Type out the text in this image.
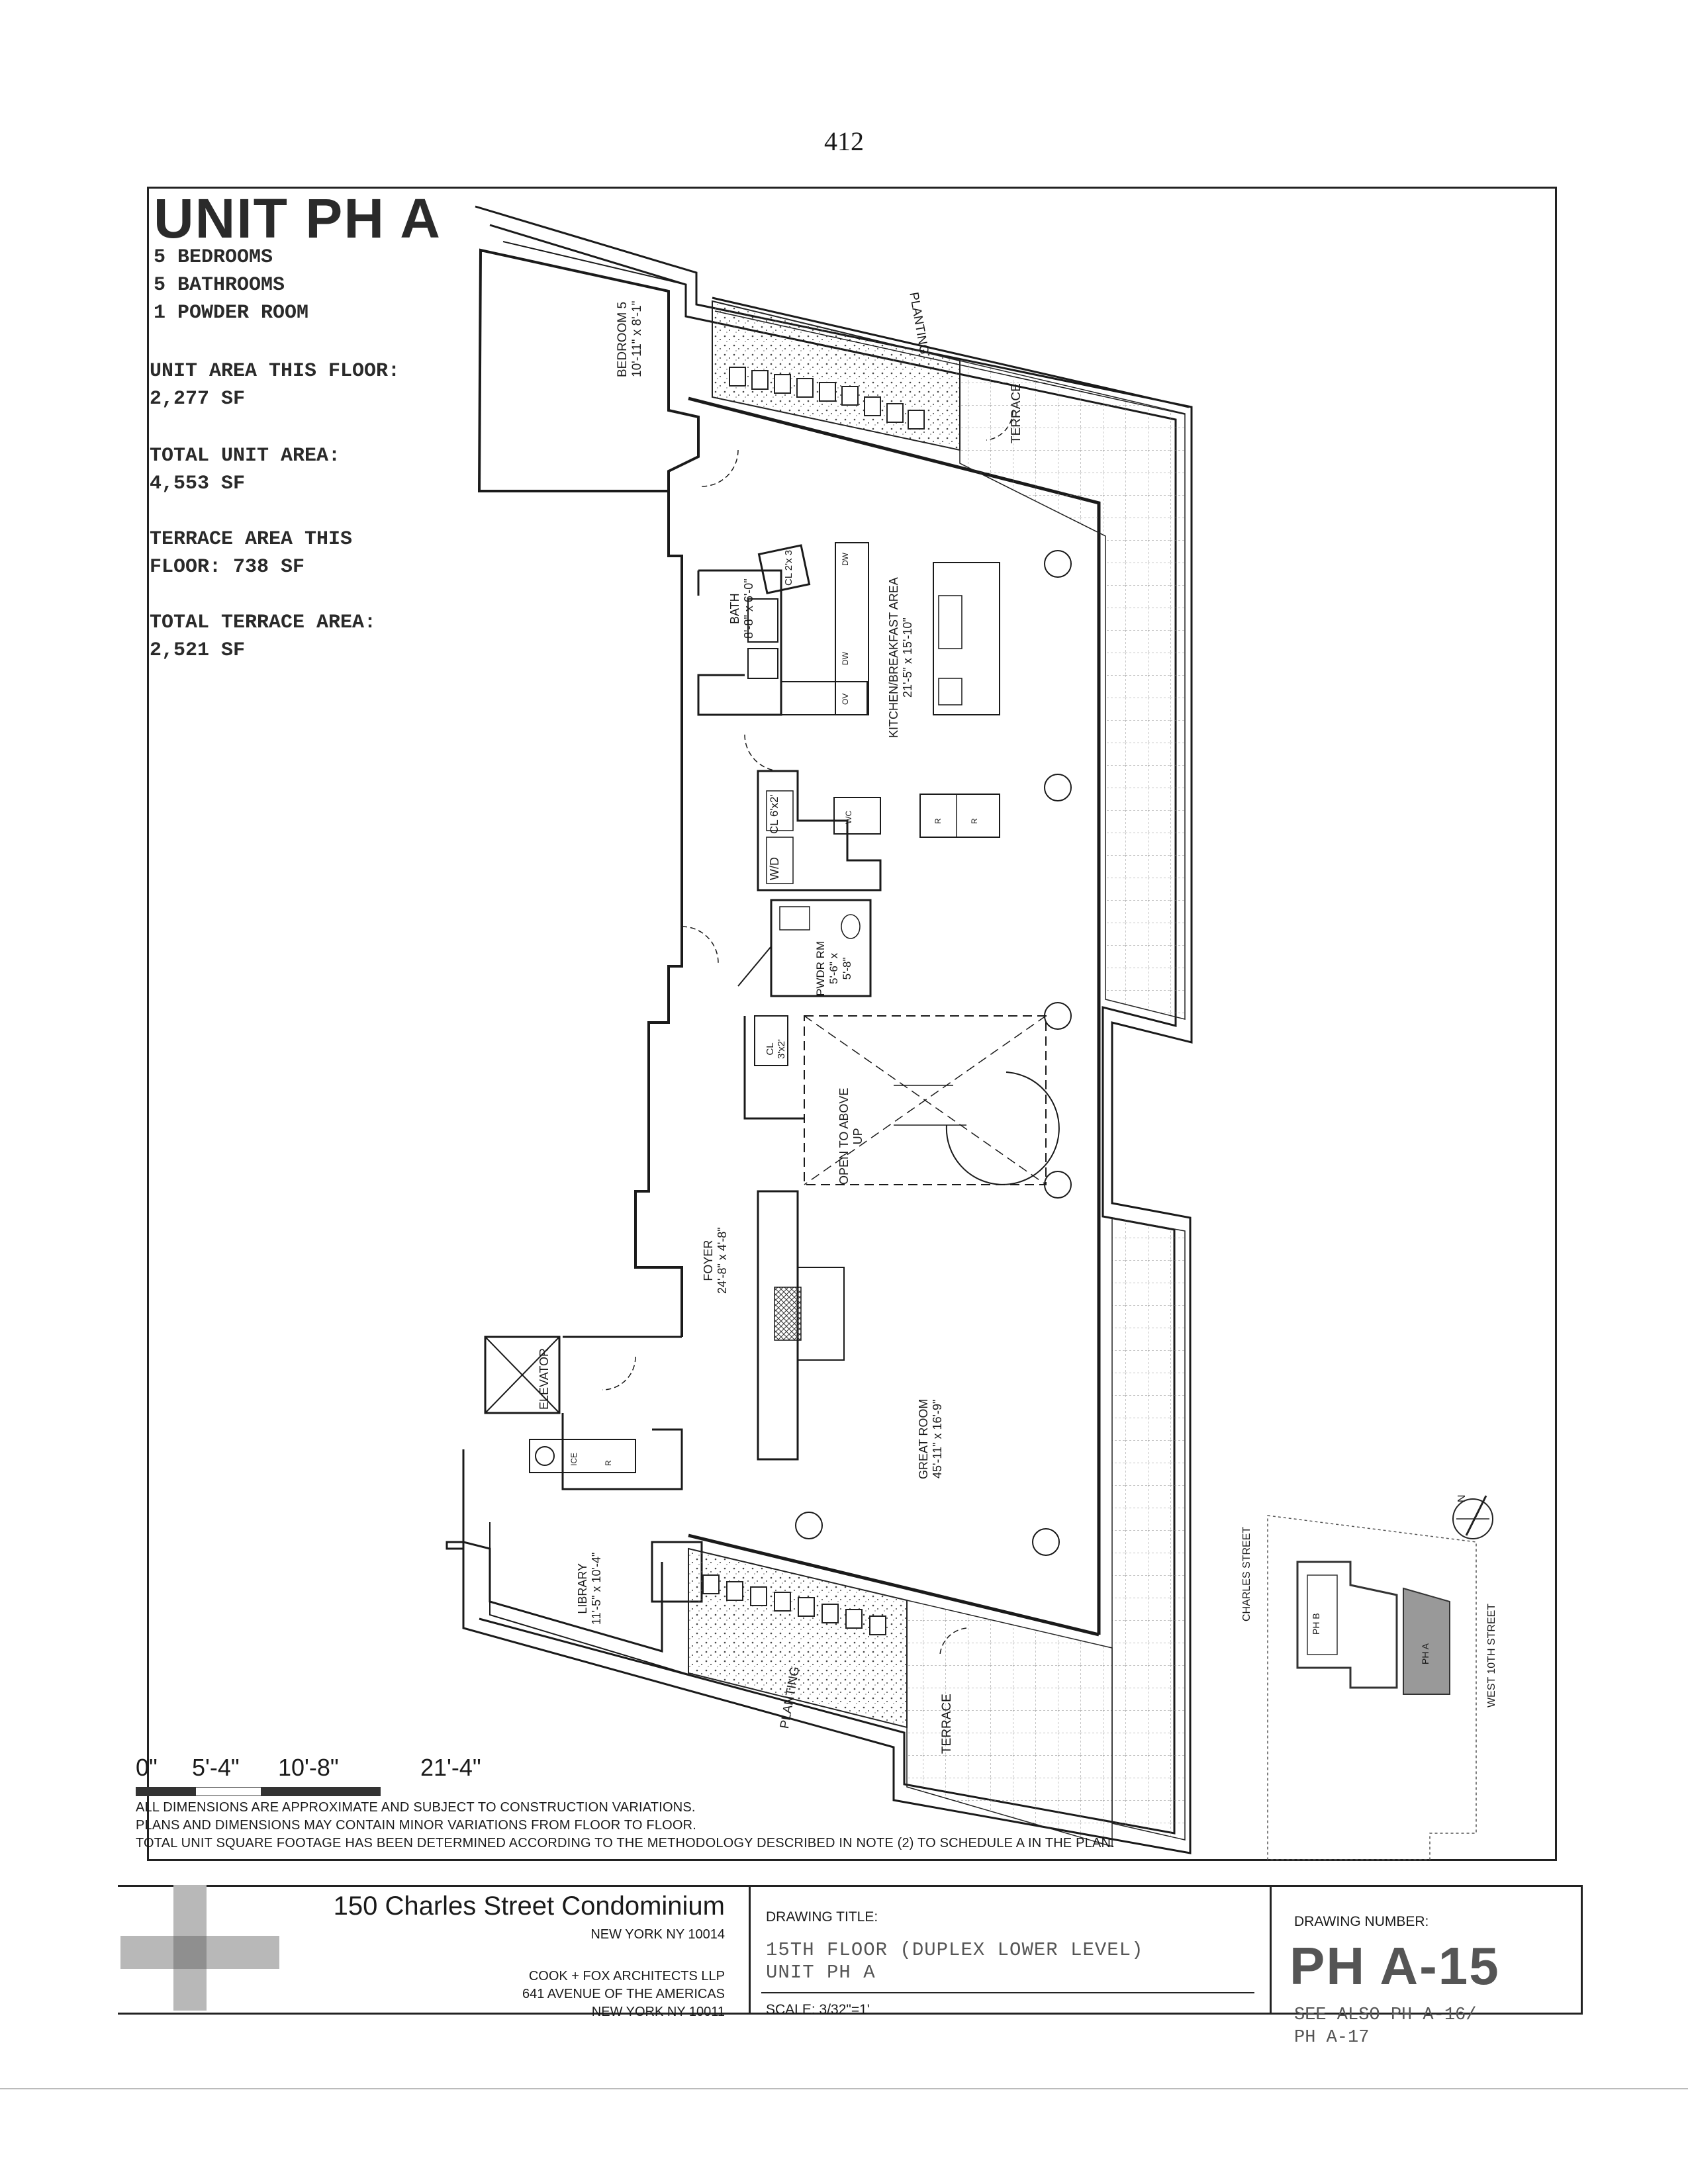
412
UNIT PH A
5 BEDROOMS
5 BATHROOMS
1 POWDER ROOM
UNIT AREA THIS FLOOR:
2,277 SF
TOTAL UNIT AREA:
4,553 SF
TERRACE AREA THIS
FLOOR: 738 SF
TOTAL TERRACE AREA:
2,521 SF
BEDROOM 5
10'-11" x 8'-1"	PLANTING
TERRACE
CL 2'x 3'	DW
DW
OV
BATH
8'-8" x 6'-0"	KITCHEN/BREAKFAST AREA
21'-5" x 15'-10"
CL 6'x2'
W/D
WC	R	R
PWDR RM
5'-6" x
5'-8"
CL
3'x2'
OPEN TO ABOVE
UP
FOYER
24'-8" x 4'-8"
ELEVATOR
ICE	R	GREAT ROOM
45'-11" x 16'-9"
LIBRARY
11'-5" x 10'-4"
PLANTING	TERRACE
CHARLES STREET
WEST 10TH STREET
PH B
PH A
N
0" 5'-4" 10'-8"	21'-4"
ALL DIMENSIONS ARE APPROXIMATE AND SUBJECT TO CONSTRUCTION VARIATIONS.
PLANS AND DIMENSIONS MAY CONTAIN MINOR VARIATIONS FROM FLOOR TO FLOOR.
TOTAL UNIT SQUARE FOOTAGE HAS BEEN DETERMINED ACCORDING TO THE METHODOLOGY DESCRIBED IN NOTE (2) TO SCHEDULE A IN THE PLAN.
150 Charles Street Condominium
NEW YORK NY 10014
COOK + FOX ARCHITECTS LLP
641 AVENUE OF THE AMERICAS
NEW YORK NY 10011
DRAWING TITLE:
15TH FLOOR (DUPLEX LOWER LEVEL)
UNIT PH A
SCALE: 3/32"=1'
DRAWING NUMBER:
PH A-15
SEE ALSO PH A-16/
PH A-17
